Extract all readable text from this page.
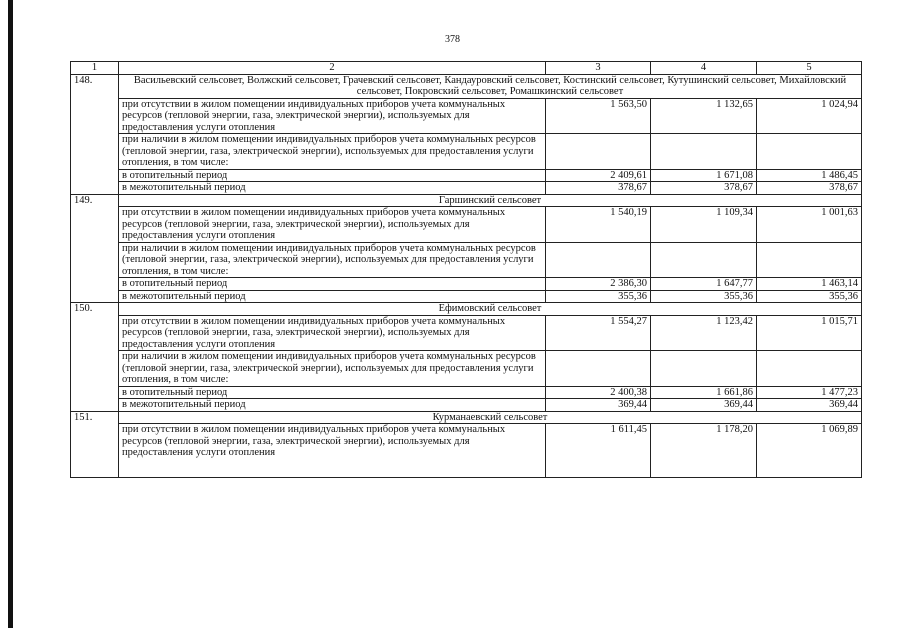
378
1	2	3	4	5
148.	Васильевский сельсовет, Волжский сельсовет, Грачевский сельсовет, Кандауровский сельсовет, Костинский сельсовет, Кутушинский сельсовет, Михайловский сельсовет, Покровский сельсовет, Ромашкинский сельсовет			
	при отсутствии в жилом помещении индивидуальных приборов учета коммунальных ресурсов (тепловой энергии, газа, электрической энергии), используемых для предоставления услуги отопления	1 563,50	1 132,65	1 024,94
	при наличии в жилом помещении индивидуальных приборов учета коммунальных ресурсов (тепловой энергии, газа, электрической энергии), используемых для предоставления услуги отопления, в том числе:			
	в отопительный период	2 409,61	1 671,08	1 486,45
	в межотопительный период	378,67	378,67	378,67
149.	Гаршинский сельсовет			
	при отсутствии в жилом помещении индивидуальных приборов учета коммунальных ресурсов (тепловой энергии, газа, электрической энергии), используемых для предоставления услуги отопления	1 540,19	1 109,34	1 001,63
	при наличии в жилом помещении индивидуальных приборов учета коммунальных ресурсов (тепловой энергии, газа, электрической энергии), используемых для предоставления услуги отопления, в том числе:			
	в отопительный период	2 386,30	1 647,77	1 463,14
	в межотопительный период	355,36	355,36	355,36
150.	Ефимовский сельсовет			
	при отсутствии в жилом помещении индивидуальных приборов учета коммунальных ресурсов (тепловой энергии, газа, электрической энергии), используемых для предоставления услуги отопления	1 554,27	1 123,42	1 015,71
	при наличии в жилом помещении индивидуальных приборов учета коммунальных ресурсов (тепловой энергии, газа, электрической энергии), используемых для предоставления услуги отопления, в том числе:			
	в отопительный период	2 400,38	1 661,86	1 477,23
	в межотопительный период	369,44	369,44	369,44
151.	Курманаевский сельсовет			
	при отсутствии в жилом помещении индивидуальных приборов учета коммунальных ресурсов (тепловой энергии, газа, электрической энергии), используемых для предоставления услуги отопления	1 611,45	1 178,20	1 069,89
